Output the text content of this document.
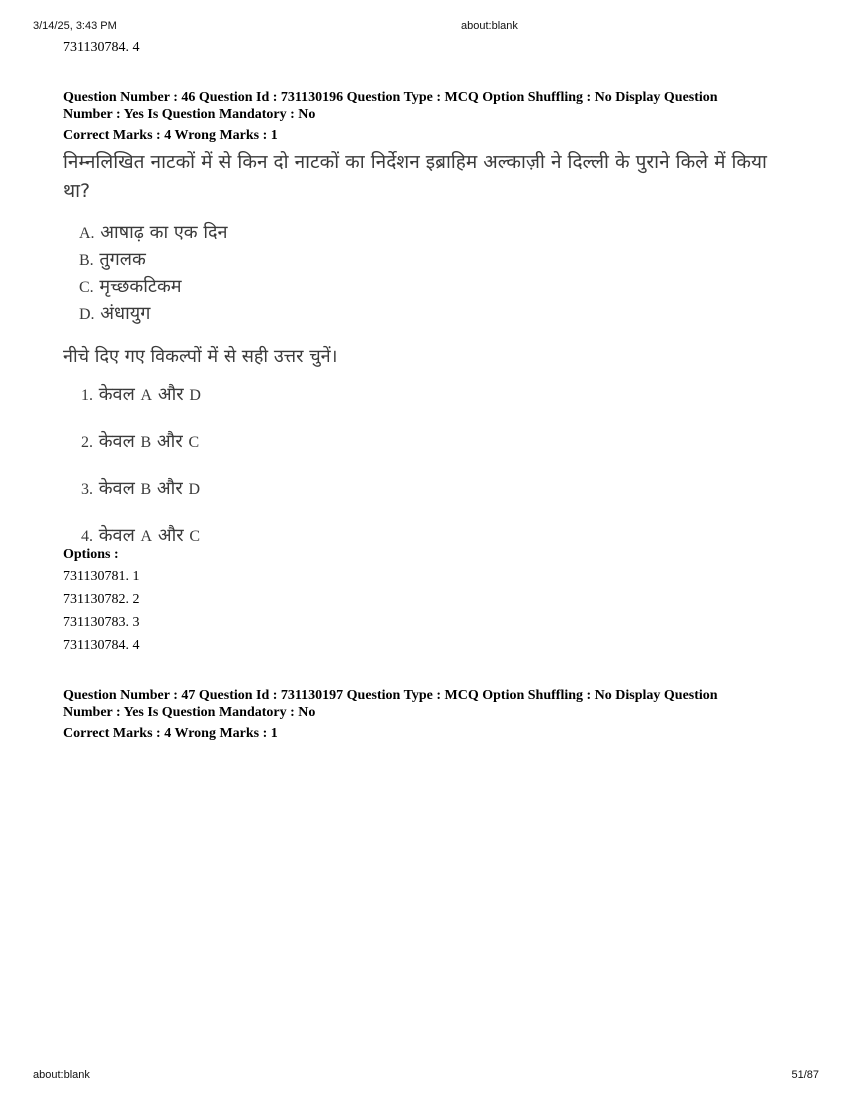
3/14/25, 3:43 PM	about:blank
731130784. 4
Question Number : 46 Question Id : 731130196 Question Type : MCQ Option Shuffling : No Display Question
Number : Yes Is Question Mandatory : No
Correct Marks : 4 Wrong Marks : 1
निम्नलिखित नाटकों में से किन दो नाटकों का निर्देशन इब्राहिम अल्काज़ी ने दिल्ली के पुराने किले में किया था?
A. आषाढ़ का एक दिन
B. तुगलक
C. मृच्छकटिकम
D. अंधायुग
नीचे दिए गए विकल्पों में से सही उत्तर चुनें।
1. केवल A और D
2. केवल B और C
3. केवल B और D
4. केवल A और C
Options :
731130781. 1
731130782. 2
731130783. 3
731130784. 4
Question Number : 47 Question Id : 731130197 Question Type : MCQ Option Shuffling : No Display Question
Number : Yes Is Question Mandatory : No
Correct Marks : 4 Wrong Marks : 1
about:blank	51/87
